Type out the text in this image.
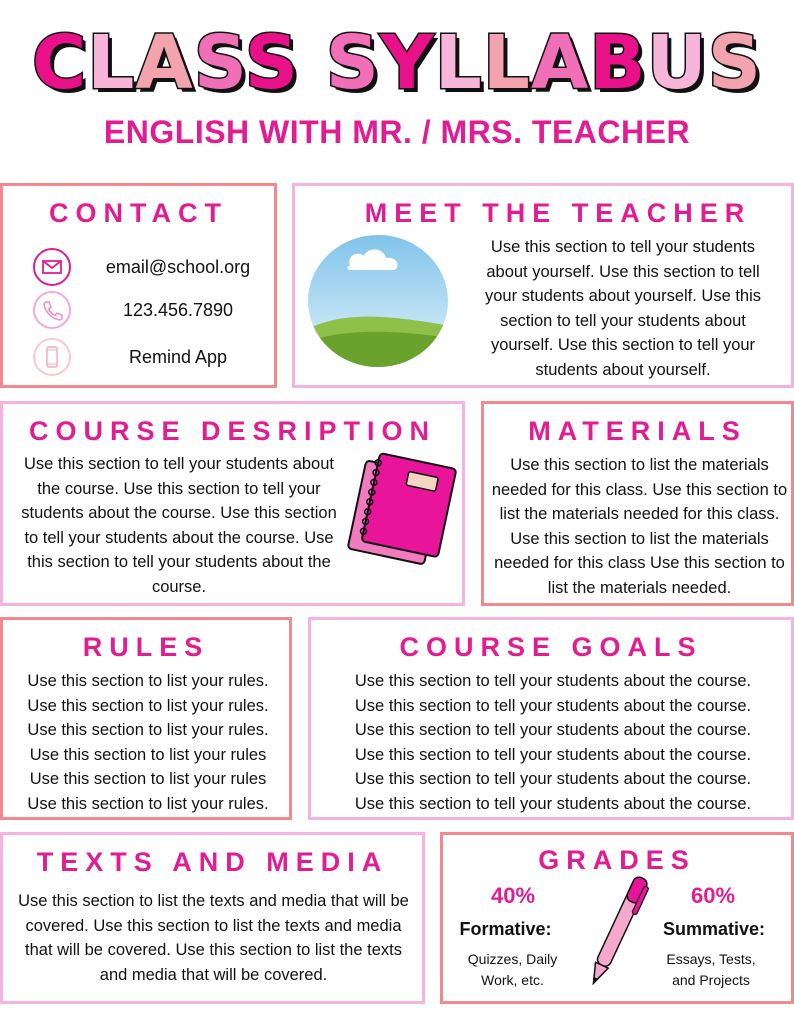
CLASS SYLLABUS
ENGLISH WITH MR. / MRS. TEACHER
CONTACT
email@school.org
123.456.7890
Remind App
MEET THE TEACHER
Use this section to tell your students about yourself. Use this section to tell your students about yourself. Use this section to tell your students about yourself. Use this section to tell your students about yourself.
COURSE DESRIPTION
Use this section to tell your students about the course. Use this section to tell your students about the course. Use this section to tell your students about the course. Use this section to tell your students about the course.
MATERIALS
Use this section to list the materials needed for this class. Use this section to list the materials needed for this class. Use this section to list the materials needed for this class Use this section to list the materials needed.
RULES
Use this section to list your rules.
Use this section to list your rules.
Use this section to list your rules.
Use this section to list your rules
Use this section to list your rules
Use this section to list your rules.
COURSE GOALS
Use this section to tell your students about the course.
Use this section to tell your students about the course.
Use this section to tell your students about the course.
Use this section to tell your students about the course.
Use this section to tell your students about the course.
Use this section to tell your students about the course.
TEXTS AND MEDIA
Use this section to list the texts and media that will be covered. Use this section to list the texts and media that will be covered. Use this section to list the texts and media that will be covered.
GRADES
40%
Formative:
Quizzes, Daily Work, etc.
60%
Summative:
Essays, Tests, and Projects
